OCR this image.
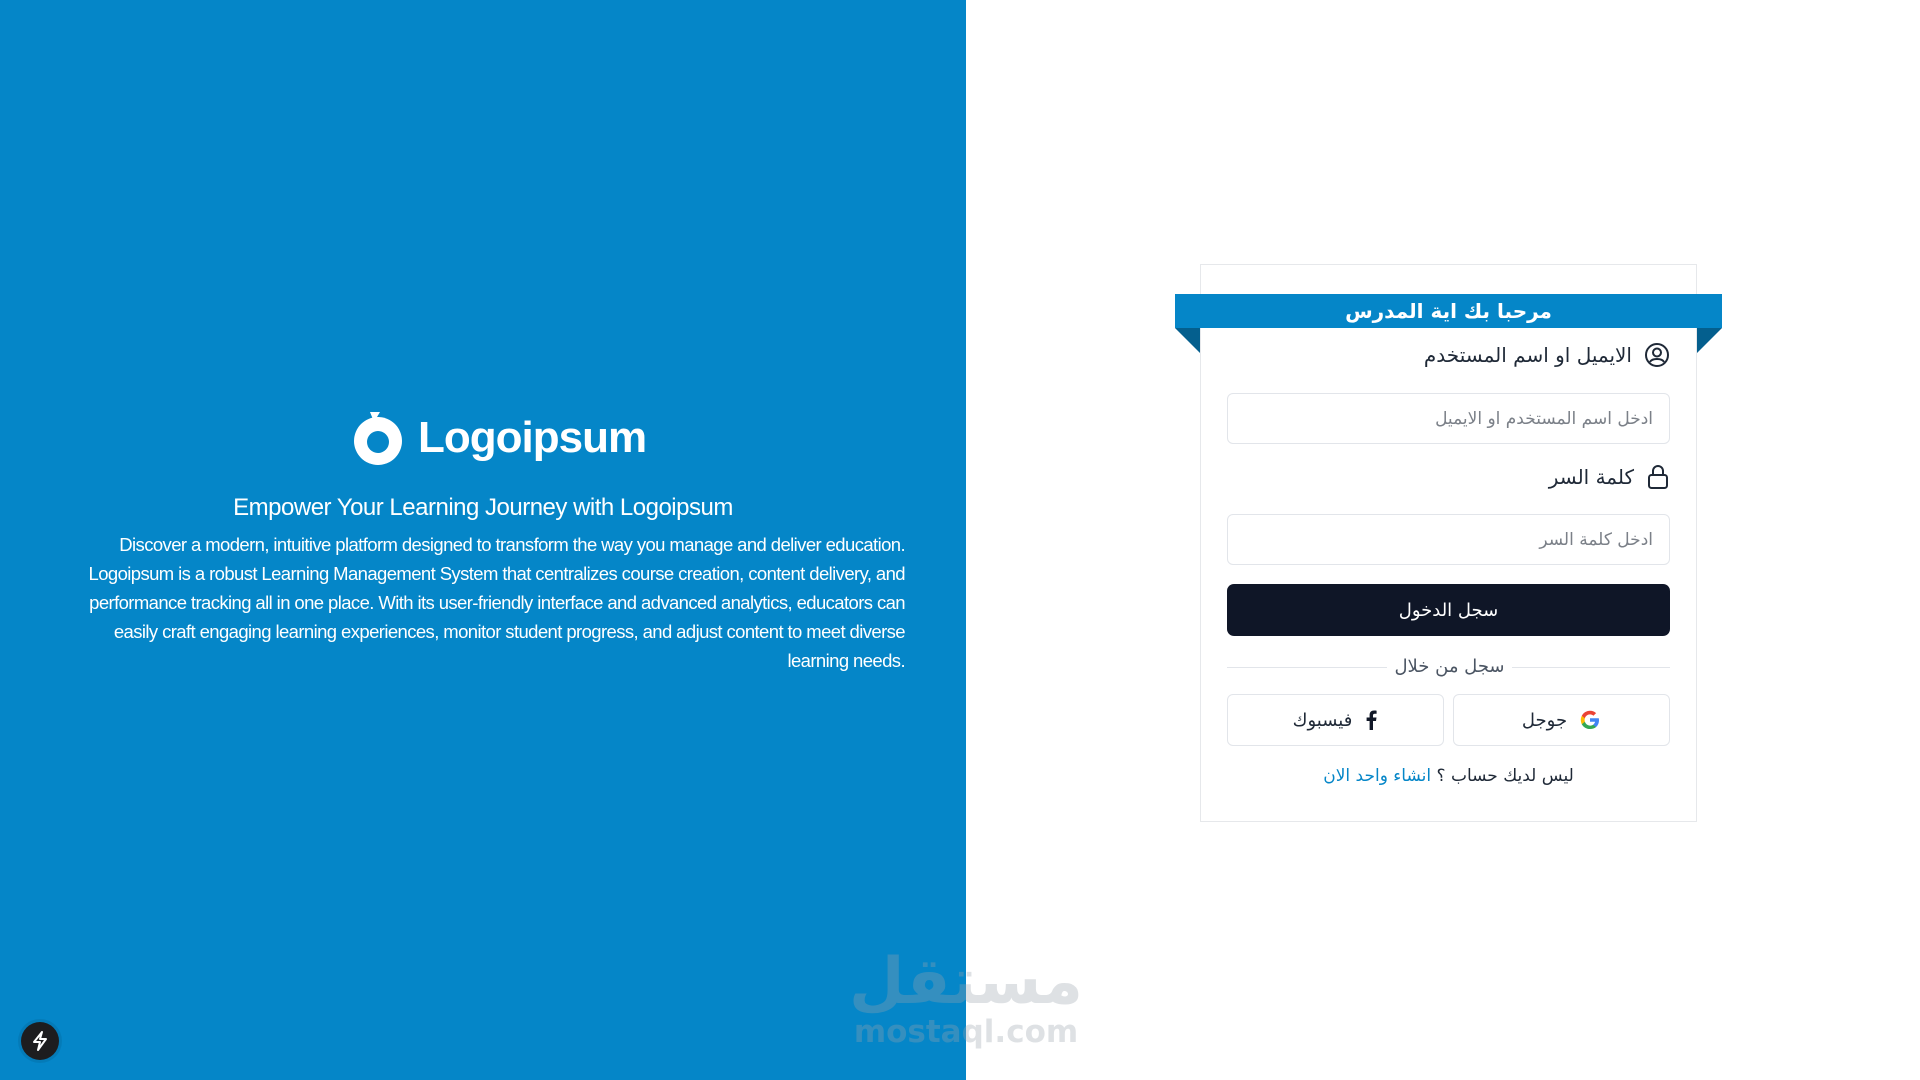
Logoipsum
Empower Your Learning Journey with Logoipsum

Discover a modern, intuitive platform designed to transform the way you manage and deliver education. Logoipsum is a robust Learning Management System that centralizes course creation, content delivery, and performance tracking all in one place. With its user-friendly interface and advanced analytics, educators can easily craft engaging learning experiences, monitor student progress, and adjust content to meet diverse learning needs.

مرحبا بك اية المدرس
الايميل او اسم المستخدم
ادخل اسم المستخدم او الايميل
كلمة السر
سجل الدخول
سجل من خلال
جوجل
فيسبوك
ليس لديك حساب ؟ انشاء واحد الان
مستقل
mostaql.com
